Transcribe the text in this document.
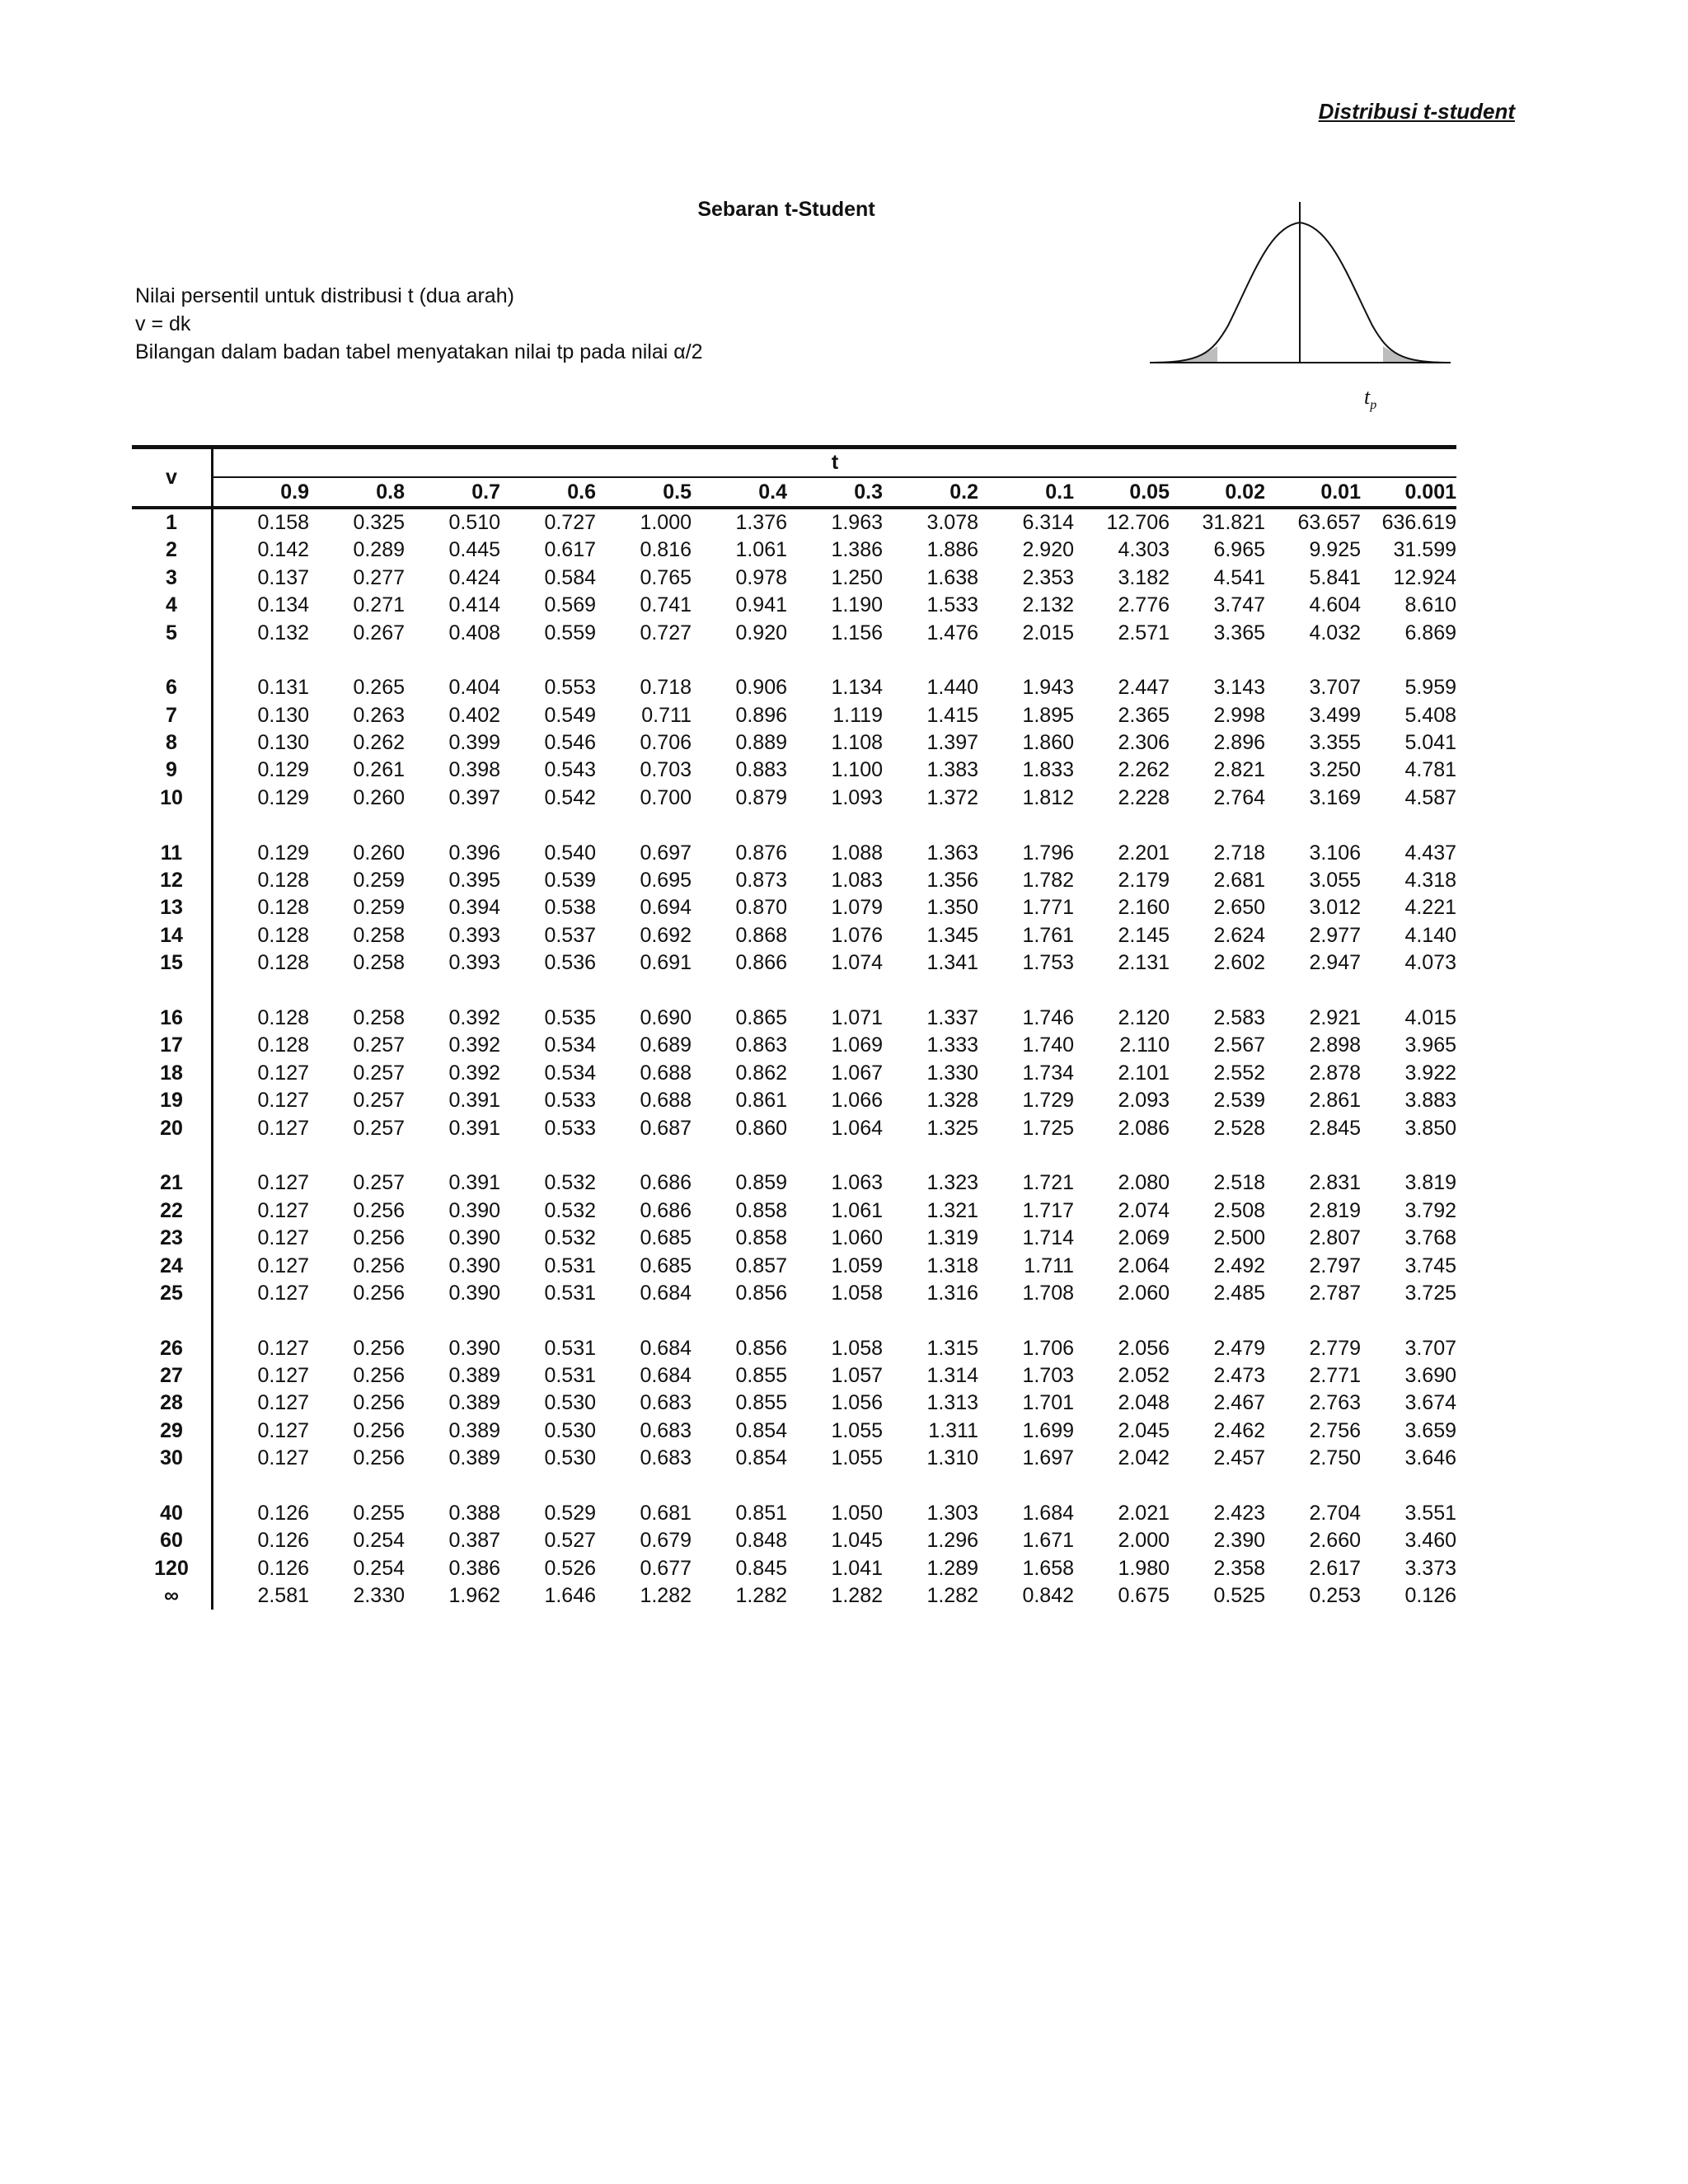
Distribusi t-student
Sebaran t-Student
Nilai persentil untuk distribusi t (dua arah)
v = dk
Bilangan dalam badan tabel menyatakan nilai tp pada nilai α/2
$t_p$
v	t												
	0.9	0.8	0.7	0.6	0.5	0.4	0.3	0.2	0.1	0.05	0.02	0.01	0.001
1	0.158	0.325	0.510	0.727	1.000	1.376	1.963	3.078	6.314	12.706	31.821	63.657	636.619
2	0.142	0.289	0.445	0.617	0.816	1.061	1.386	1.886	2.920	4.303	6.965	9.925	31.599
3	0.137	0.277	0.424	0.584	0.765	0.978	1.250	1.638	2.353	3.182	4.541	5.841	12.924
4	0.134	0.271	0.414	0.569	0.741	0.941	1.190	1.533	2.132	2.776	3.747	4.604	8.610
5	0.132	0.267	0.408	0.559	0.727	0.920	1.156	1.476	2.015	2.571	3.365	4.032	6.869

6	0.131	0.265	0.404	0.553	0.718	0.906	1.134	1.440	1.943	2.447	3.143	3.707	5.959
7	0.130	0.263	0.402	0.549	0.711	0.896	1.119	1.415	1.895	2.365	2.998	3.499	5.408
8	0.130	0.262	0.399	0.546	0.706	0.889	1.108	1.397	1.860	2.306	2.896	3.355	5.041
9	0.129	0.261	0.398	0.543	0.703	0.883	1.100	1.383	1.833	2.262	2.821	3.250	4.781
10	0.129	0.260	0.397	0.542	0.700	0.879	1.093	1.372	1.812	2.228	2.764	3.169	4.587

11	0.129	0.260	0.396	0.540	0.697	0.876	1.088	1.363	1.796	2.201	2.718	3.106	4.437
12	0.128	0.259	0.395	0.539	0.695	0.873	1.083	1.356	1.782	2.179	2.681	3.055	4.318
13	0.128	0.259	0.394	0.538	0.694	0.870	1.079	1.350	1.771	2.160	2.650	3.012	4.221
14	0.128	0.258	0.393	0.537	0.692	0.868	1.076	1.345	1.761	2.145	2.624	2.977	4.140
15	0.128	0.258	0.393	0.536	0.691	0.866	1.074	1.341	1.753	2.131	2.602	2.947	4.073

16	0.128	0.258	0.392	0.535	0.690	0.865	1.071	1.337	1.746	2.120	2.583	2.921	4.015
17	0.128	0.257	0.392	0.534	0.689	0.863	1.069	1.333	1.740	2.110	2.567	2.898	3.965
18	0.127	0.257	0.392	0.534	0.688	0.862	1.067	1.330	1.734	2.101	2.552	2.878	3.922
19	0.127	0.257	0.391	0.533	0.688	0.861	1.066	1.328	1.729	2.093	2.539	2.861	3.883
20	0.127	0.257	0.391	0.533	0.687	0.860	1.064	1.325	1.725	2.086	2.528	2.845	3.850

21	0.127	0.257	0.391	0.532	0.686	0.859	1.063	1.323	1.721	2.080	2.518	2.831	3.819
22	0.127	0.256	0.390	0.532	0.686	0.858	1.061	1.321	1.717	2.074	2.508	2.819	3.792
23	0.127	0.256	0.390	0.532	0.685	0.858	1.060	1.319	1.714	2.069	2.500	2.807	3.768
24	0.127	0.256	0.390	0.531	0.685	0.857	1.059	1.318	1.711	2.064	2.492	2.797	3.745
25	0.127	0.256	0.390	0.531	0.684	0.856	1.058	1.316	1.708	2.060	2.485	2.787	3.725

26	0.127	0.256	0.390	0.531	0.684	0.856	1.058	1.315	1.706	2.056	2.479	2.779	3.707
27	0.127	0.256	0.389	0.531	0.684	0.855	1.057	1.314	1.703	2.052	2.473	2.771	3.690
28	0.127	0.256	0.389	0.530	0.683	0.855	1.056	1.313	1.701	2.048	2.467	2.763	3.674
29	0.127	0.256	0.389	0.530	0.683	0.854	1.055	1.311	1.699	2.045	2.462	2.756	3.659
30	0.127	0.256	0.389	0.530	0.683	0.854	1.055	1.310	1.697	2.042	2.457	2.750	3.646

40	0.126	0.255	0.388	0.529	0.681	0.851	1.050	1.303	1.684	2.021	2.423	2.704	3.551
60	0.126	0.254	0.387	0.527	0.679	0.848	1.045	1.296	1.671	2.000	2.390	2.660	3.460
120	0.126	0.254	0.386	0.526	0.677	0.845	1.041	1.289	1.658	1.980	2.358	2.617	3.373
∞	2.581	2.330	1.962	1.646	1.282	1.282	1.282	1.282	0.842	0.675	0.525	0.253	0.126
